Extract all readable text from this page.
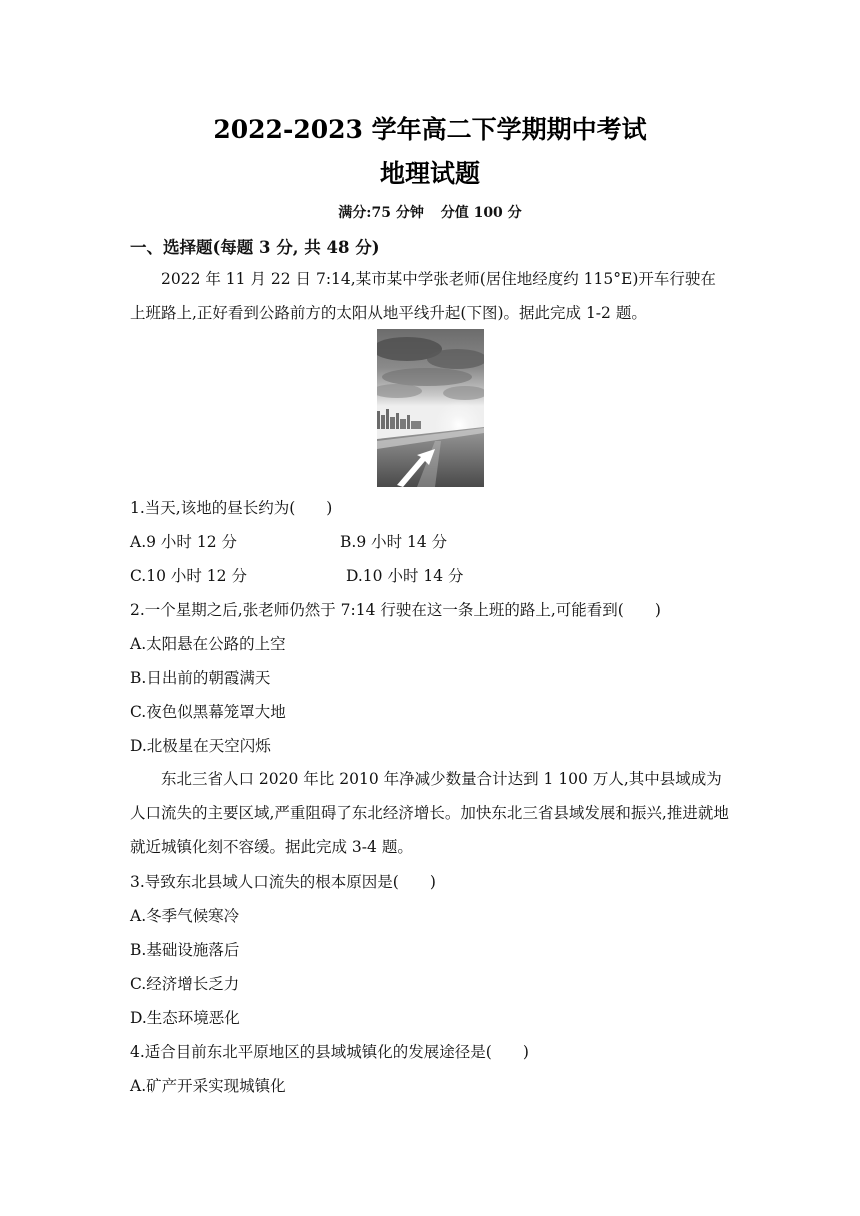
2022-2023 学年高二下学期期中考试
地理试题
满分:75 分钟 分值 100 分
一、选择题(每题 3 分, 共 48 分)
2022 年 11 月 22 日 7:14,某市某中学张老师(居住地经度约 115°E)开车行驶在上班路上,正好看到公路前方的太阳从地平线升起(下图)。据此完成 1-2 题。
1.当天,该地的昼长约为(　　)
A.9 小时 12 分	B.9 小时 14 分
C.10 小时 12 分	D.10 小时 14 分
2.一个星期之后,张老师仍然于 7:14 行驶在这一条上班的路上,可能看到(　　)
A.太阳悬在公路的上空
B.日出前的朝霞满天
C.夜色似黑幕笼罩大地
D.北极星在天空闪烁
东北三省人口 2020 年比 2010 年净减少数量合计达到 1 100 万人,其中县域成为人口流失的主要区域,严重阻碍了东北经济增长。加快东北三省县域发展和振兴,推进就地就近城镇化刻不容缓。据此完成 3-4 题。
3.导致东北县域人口流失的根本原因是(　　)
A.冬季气候寒冷
B.基础设施落后
C.经济增长乏力
D.生态环境恶化
4.适合目前东北平原地区的县域城镇化的发展途径是(　　)
A.矿产开采实现城镇化
